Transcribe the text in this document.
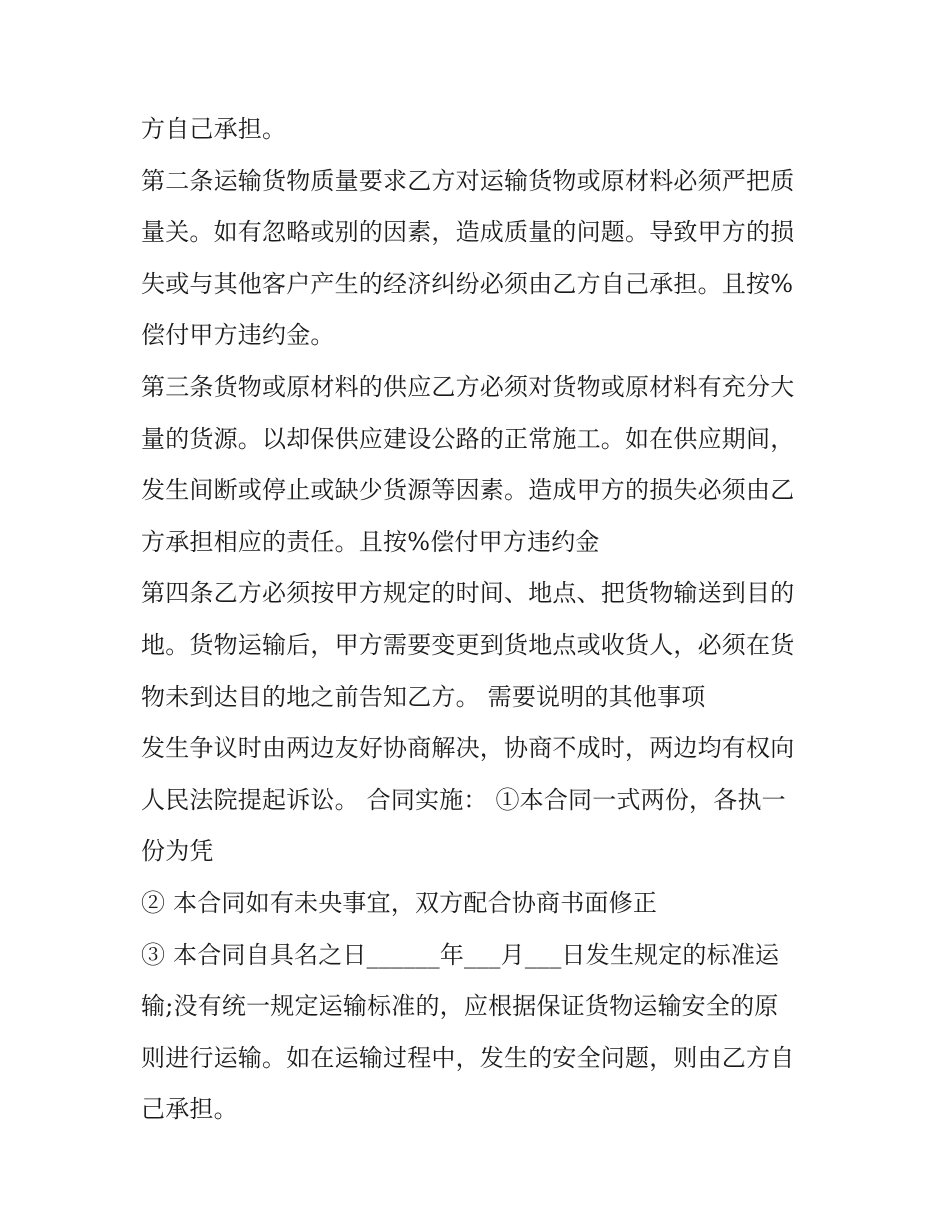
方自己承担。
第二条运输货物质量要求乙方对运输货物或原材料必须严把质
量关。如有忽略或别的因素，造成质量的问题。导致甲方的损
失或与其他客户产生的经济纠纷必须由乙方自己承担。且按%
偿付甲方违约金。
第三条货物或原材料的供应乙方必须对货物或原材料有充分大
量的货源。以却保供应建设公路的正常施工。如在供应期间，
发生间断或停止或缺少货源等因素。造成甲方的损失必须由乙
方承担相应的责任。且按%偿付甲方违约金
第四条乙方必须按甲方规定的时间、地点、把货物输送到目的
地。货物运输后，甲方需要变更到货地点或收货人，必须在货
物未到达目的地之前告知乙方。 需要说明的其他事项
发生争议时由两边友好协商解决，协商不成时，两边均有权向
人民法院提起诉讼。 合同实施： ①本合同一式两份，各执一
份为凭
② 本合同如有未央事宜，双方配合协商书面修正
③ 本合同自具名之日______年___月___日发生规定的标准运
输;没有统一规定运输标准的，应根据保证货物运输安全的原
则进行运输。如在运输过程中，发生的安全问题，则由乙方自
己承担。
